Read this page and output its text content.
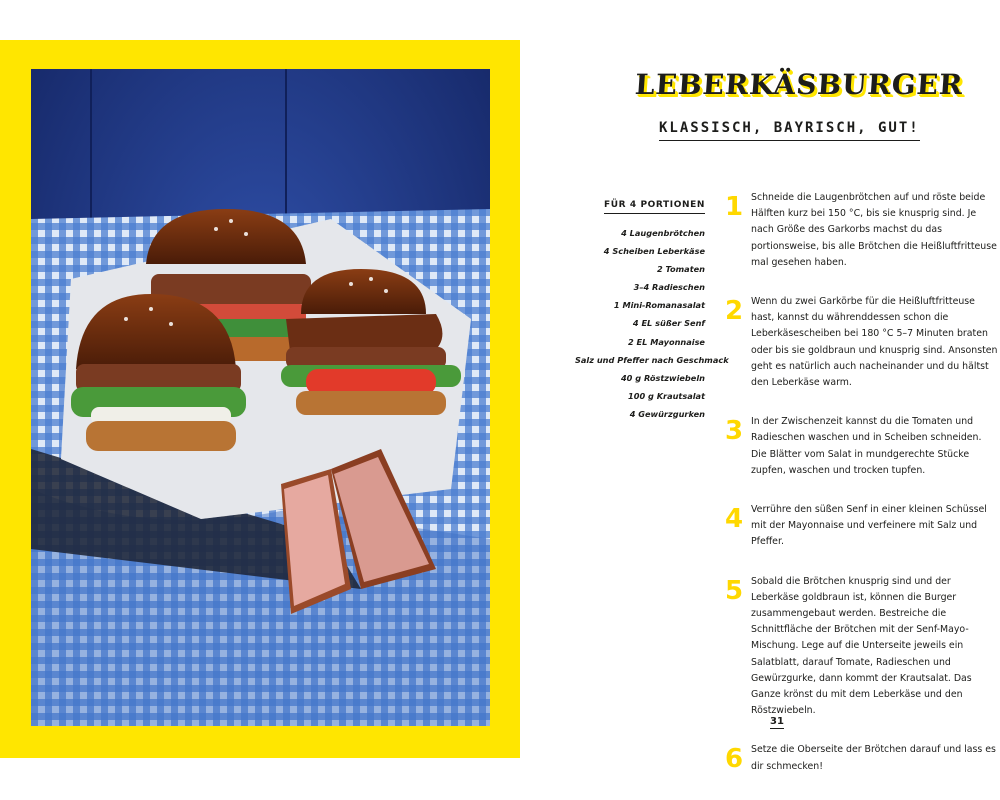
LEBERKÄSBURGER
KLASSISCH, BAYRISCH, GUT!
FÜR 4 PORTIONEN
4 Laugenbrötchen
4 Scheiben Leberkäse
2 Tomaten
3–4 Radieschen
1 Mini-Romanasalat
4 EL süßer Senf
2 EL Mayonnaise
Salz und Pfeffer nach Geschmack
40 g Röstzwiebeln
100 g Krautsalat
4 Gewürzgurken
1 Schneide die Laugenbrötchen auf und röste beide Hälften kurz bei 150 °C, bis sie knusprig sind. Je nach Größe des Garkorbs machst du das portionsweise, bis alle Brötchen die Heißluftfritteuse mal gesehen haben.

2 Wenn du zwei Garkörbe für die Heißluftfritteuse hast, kannst du währenddessen schon die Leberkäsescheiben bei 180 °C 5–7 Minuten braten oder bis sie goldbraun und knusprig sind. Ansonsten geht es natürlich auch nacheinander und du hältst den Leberkäse warm.

3 In der Zwischenzeit kannst du die Tomaten und Radieschen waschen und in Scheiben schneiden. Die Blätter vom Salat in mundgerechte Stücke zupfen, waschen und trocken tupfen.

4 Verrühre den süßen Senf in einer kleinen Schüssel mit der Mayonnaise und verfeinere mit Salz und Pfeffer.

5 Sobald die Brötchen knusprig sind und der Leberkäse goldbraun ist, können die Burger zusammengebaut werden. Bestreiche die Schnittfläche der Brötchen mit der Senf-Mayo-Mischung. Lege auf die Unterseite jeweils ein Salatblatt, darauf Tomate, Radieschen und Gewürzgurke, dann kommt der Krautsalat. Das Ganze krönst du mit dem Leberkäse und den Röstzwiebeln.

6 Setze die Oberseite der Brötchen darauf und lass es dir schmecken!

31
